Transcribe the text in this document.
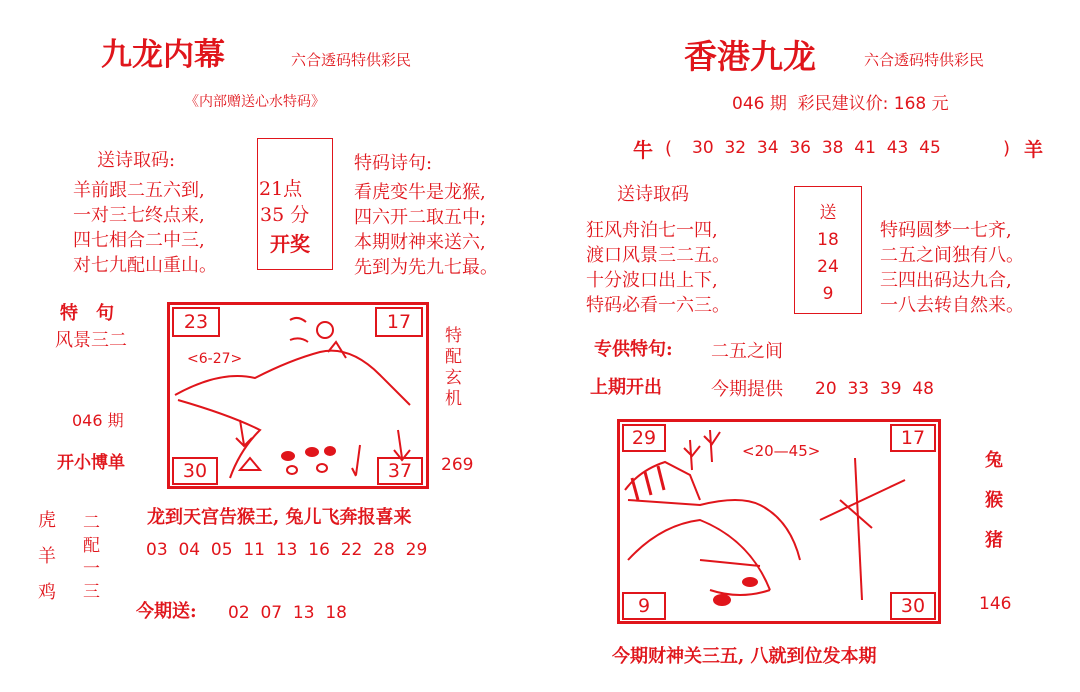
九龙内幕	六合透码特供彩民
《内部赠送心水特码》
送诗取码:
羊前跟二五六到,
一对三七终点来,
四七相合二中三,
对七九配山重山。
21点
35 分
开奖
特码诗句:
看虎变牛是龙猴,
四六开二取五中;
本期财神来送六,
先到为先九七最。
特　句
风景三二
046 期
开小博单
23	17
30	37
<6-27>
特
配
玄
机
269
龙到天宫告猴王, 兔儿飞奔报喜来
虎
羊
鸡
二
配
一
三
03 04 05 11 13 16 22 28 29
今期送: 02 07 13 18
香港九龙	六合透码特供彩民
046 期  彩民建议价: 168 元
牛 ( 30 32 34 36 38 41 43 45	) 羊
送诗取码
狂风舟泊七一四,
渡口风景三二五。
十分波口出上下,
特码必看一六三。
送
18
24
9
特码圆梦一七齐,
二五之间独有八。
三四出码达九合,
一八去转自然来。
专供特句: 二五之间
上期开出	今期提供 20 33 39 48
29	17
9	30
<20—45>	兔
猴
猪
146
今期财神关三五, 八就到位发本期
